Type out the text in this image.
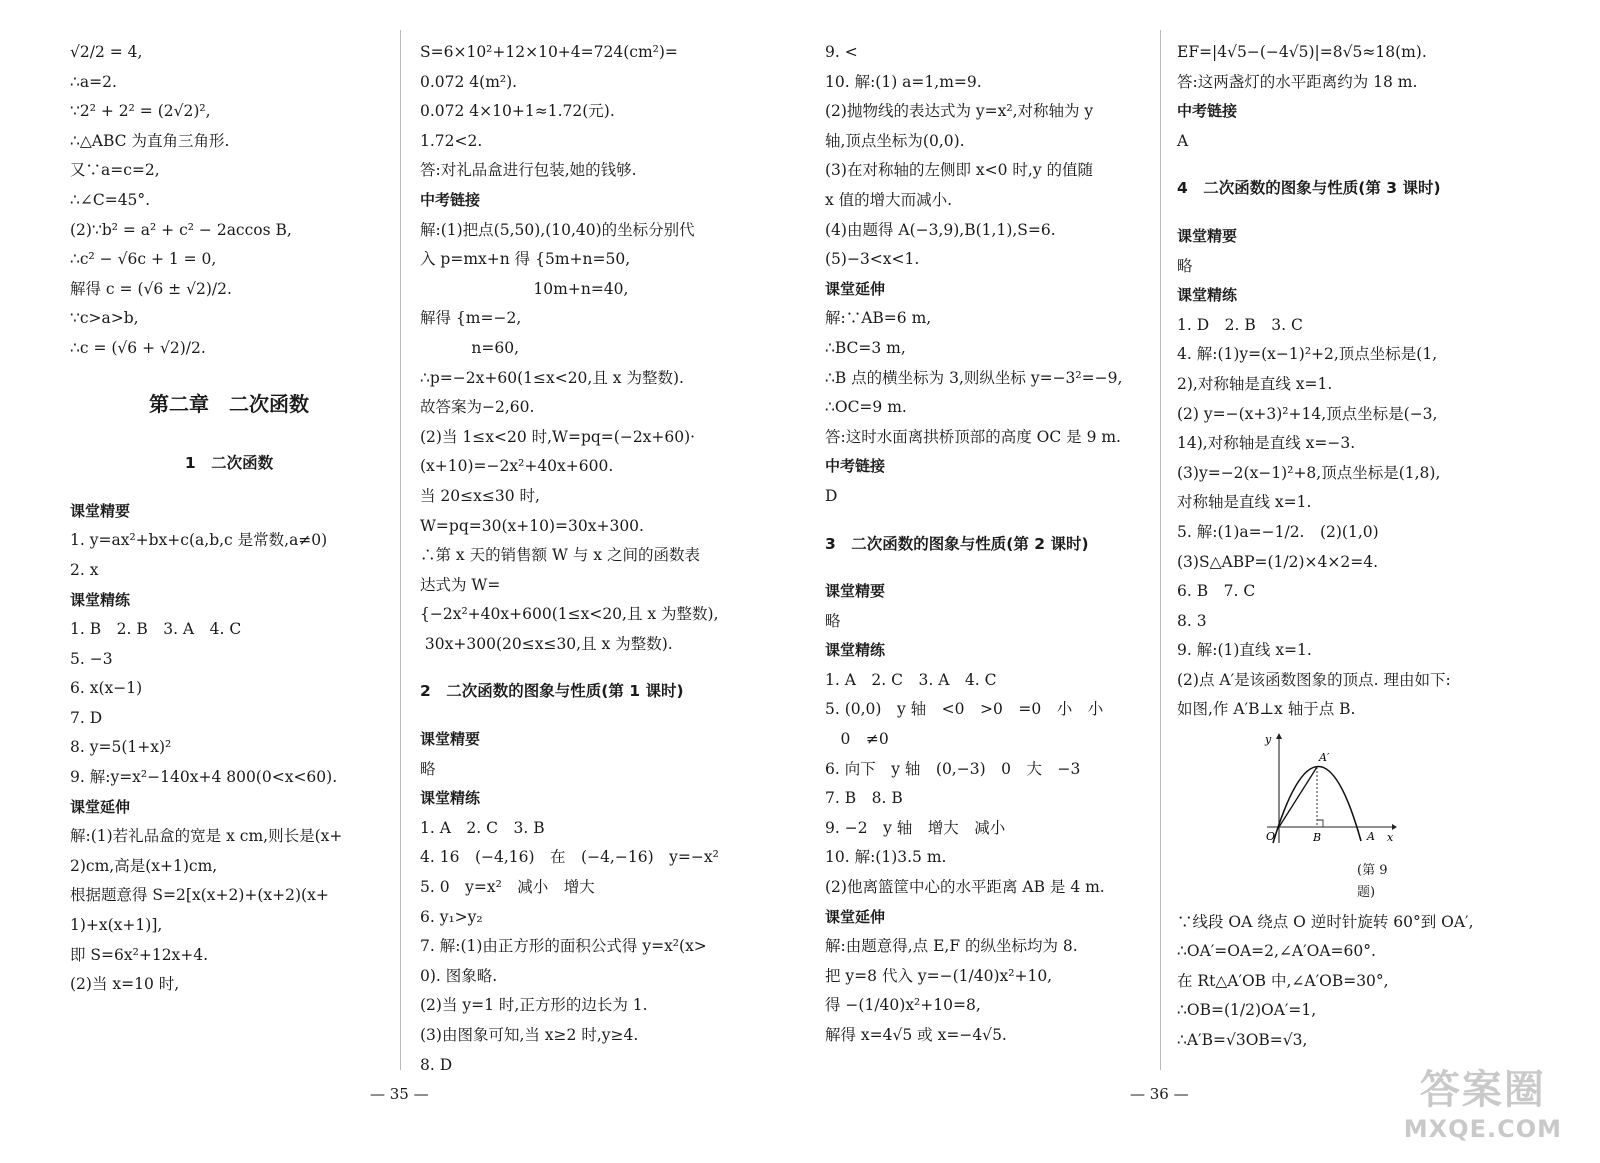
√2/2 = 4,
∴a=2.
∵2² + 2² = (2√2)²,
∴△ABC 为直角三角形.
又∵a=c=2,
∴∠C=45°.
(2)∵b² = a² + c² − 2accos B,
∴c² − √6c + 1 = 0,
解得 c = (√6 ± √2)/2.
∵c>a>b,
∴c = (√6 + √2)/2.
第二章　二次函数
1　二次函数
课堂精要
1. y=ax²+bx+c(a,b,c 是常数,a≠0)
2. x
课堂精练
1. B　2. B　3. A　4. C
5. −3
6. x(x−1)
7. D
8. y=5(1+x)²
9. 解:y=x²−140x+4 800(0<x<60).
课堂延伸
解:(1)若礼品盒的宽是 x cm,则长是(x+
2)cm,高是(x+1)cm,
根据题意得 S=2[x(x+2)+(x+2)(x+
1)+x(x+1)],
即 S=6x²+12x+4.
(2)当 x=10 时,
S=6×10²+12×10+4=724(cm²)=
0.072 4(m²).
0.072 4×10+1≈1.72(元).
1.72<2.
答:对礼品盒进行包装,她的钱够.
中考链接
解:(1)把点(5,50),(10,40)的坐标分别代
入 p=mx+n 得 {5m+n=50,
　　　　　　　 10m+n=40,
解得 {m=−2,
　　　 n=60,
∴p=−2x+60(1≤x<20,且 x 为整数).
故答案为−2,60.
(2)当 1≤x<20 时,W=pq=(−2x+60)·
(x+10)=−2x²+40x+600.
当 20≤x≤30 时,
W=pq=30(x+10)=30x+300.
∴第 x 天的销售额 W 与 x 之间的函数表
达式为 W=
{−2x²+40x+600(1≤x<20,且 x 为整数),
30x+300(20≤x≤30,且 x 为整数).
2　二次函数的图象与性质(第 1 课时)
课堂精要
略
课堂精练
1. A　2. C　3. B
4. 16　(−4,16)　在　(−4,−16)　y=−x²
5. 0　y=x²　减小　增大
6. y₁>y₂
7. 解:(1)由正方形的面积公式得 y=x²(x>
0). 图象略.
(2)当 y=1 时,正方形的边长为 1.
(3)由图象可知,当 x≥2 时,y≥4.
8. D
9. <
10. 解:(1) a=1,m=9.
(2)抛物线的表达式为 y=x²,对称轴为 y
轴,顶点坐标为(0,0).
(3)在对称轴的左侧即 x<0 时,y 的值随
x 值的增大而减小.
(4)由题得 A(−3,9),B(1,1),S=6.
(5)−3<x<1.
课堂延伸
解:∵AB=6 m,
∴BC=3 m,
∴B 点的横坐标为 3,则纵坐标 y=−3²=−9,
∴OC=9 m.
答:这时水面离拱桥顶部的高度 OC 是 9 m.
中考链接
D
3　二次函数的图象与性质(第 2 课时)
课堂精要
略
课堂精练
1. A　2. C　3. A　4. C
5. (0,0)　y 轴　<0　>0　=0　小　小
　0　≠0
6. 向下　y 轴　(0,−3)　0　大　−3
7. B　8. B
9. −2　y 轴　增大　减小
10. 解:(1)3.5 m.
(2)他离篮筐中心的水平距离 AB 是 4 m.
课堂延伸
解:由题意得,点 E,F 的纵坐标均为 8.
把 y=8 代入 y=−(1/40)x²+10,
得 −(1/40)x²+10=8,
解得 x=4√5 或 x=−4√5.
EF=|4√5−(−4√5)|=8√5≈18(m).
答:这两盏灯的水平距离约为 18 m.
中考链接
A
4　二次函数的图象与性质(第 3 课时)
课堂精要
略
课堂精练
1. D　2. B　3. C
4. 解:(1)y=(x−1)²+2,顶点坐标是(1,
2),对称轴是直线 x=1.
(2) y=−(x+3)²+14,顶点坐标是(−3,
14),对称轴是直线 x=−3.
(3)y=−2(x−1)²+8,顶点坐标是(1,8),
对称轴是直线 x=1.
5. 解:(1)a=−1/2.　(2)(1,0)
(3)S△ABP=(1/2)×4×2=4.
6. B　7. C
8. 3
9. 解:(1)直线 x=1.
(2)点 A′是该函数图象的顶点. 理由如下:
如图,作 A′B⊥x 轴于点 B.
y
x
O
A′
B	A
(第 9 题)
∵线段 OA 绕点 O 逆时针旋转 60°到 OA′,
∴OA′=OA=2,∠A′OA=60°.
在 Rt△A′OB 中,∠A′OB=30°,
∴OB=(1/2)OA′=1,
∴A′B=√3OB=√3,
— 35 —	— 36 —	答案圈
MXQE.COM
